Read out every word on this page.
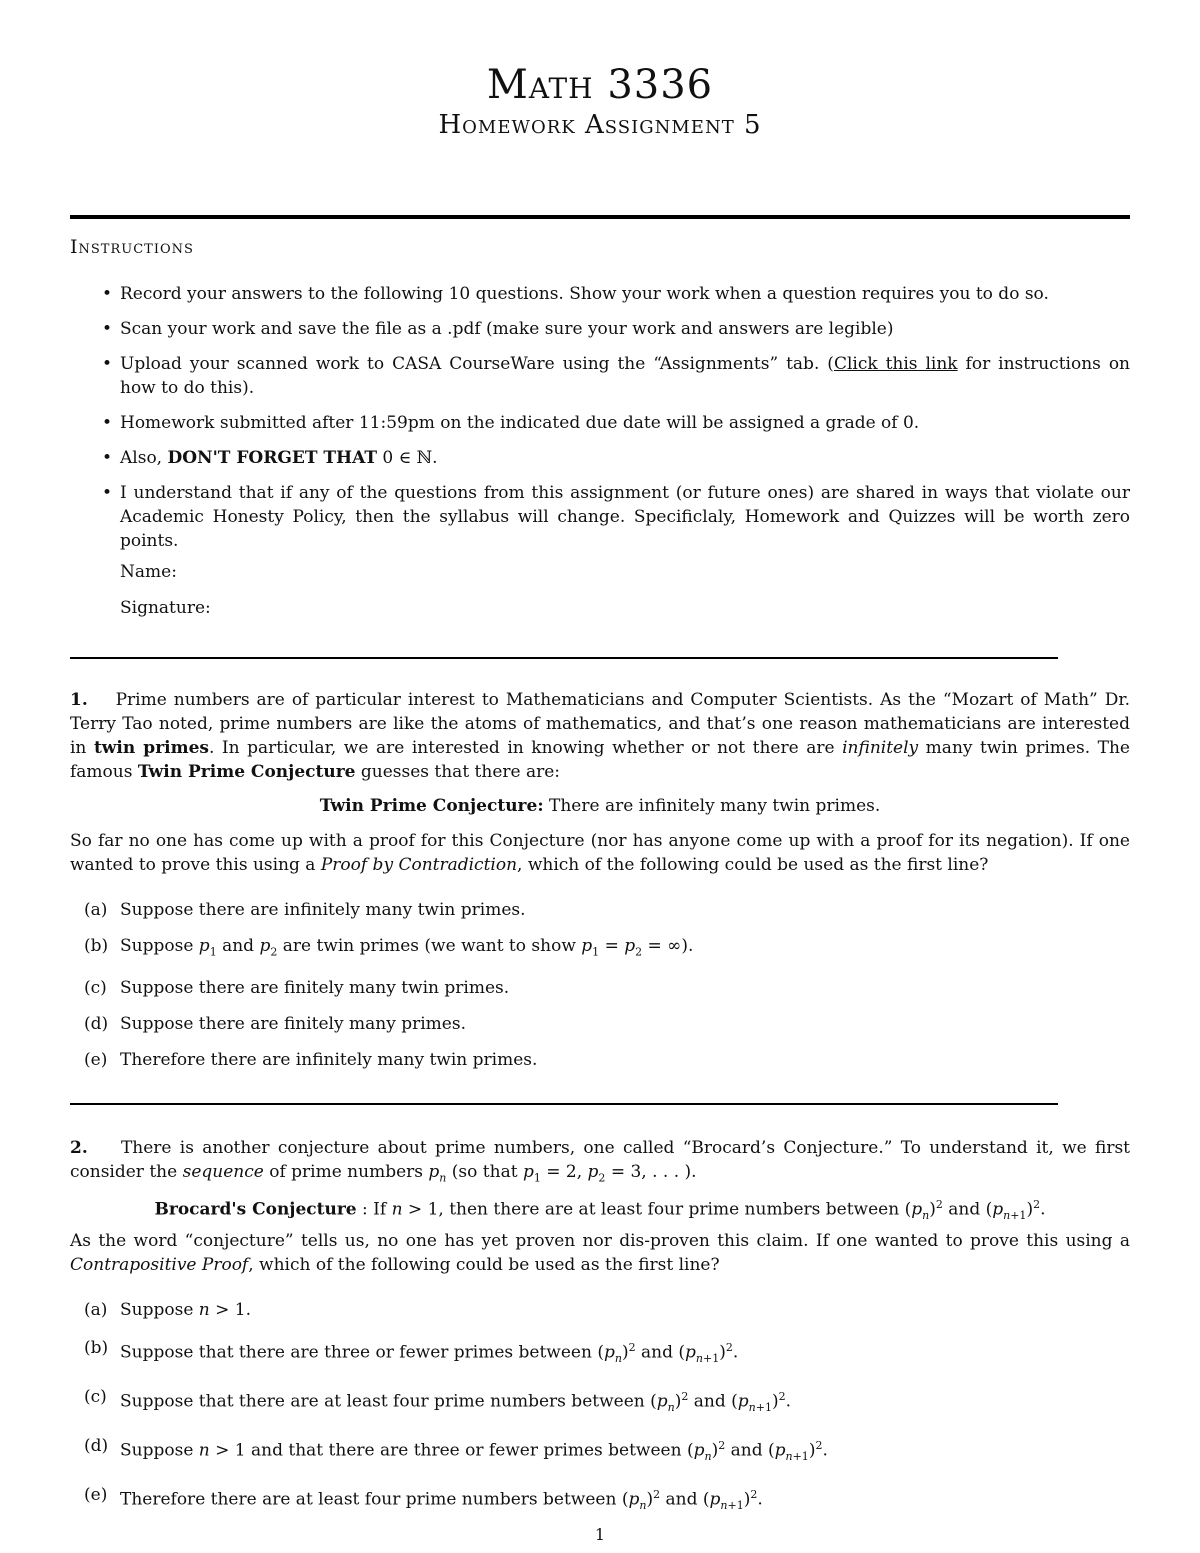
Math 3336
Homework Assignment 5
Instructions
• Record your answers to the following 10 questions. Show your work when a question requires you to do so.
• Scan your work and save the file as a .pdf (make sure your work and answers are legible)
• Upload your scanned work to CASA CourseWare using the “Assignments” tab. (Click this link for instructions on how to do this).
• Homework submitted after 11:59pm on the indicated due date will be assigned a grade of 0.
• Also, DON'T FORGET THAT 0 ∈ ℕ.
• I understand that if any of the questions from this assignment (or future ones) are shared in ways that violate our Academic Honesty Policy, then the syllabus will change. Specificlaly, Homework and Quizzes will be worth zero points.
Name:
Signature:
1. Prime numbers are of particular interest to Mathematicians and Computer Scientists. As the “Mozart of Math” Dr. Terry Tao noted, prime numbers are like the atoms of mathematics, and that’s one reason mathematicians are interested in twin primes. In particular, we are interested in knowing whether or not there are infinitely many twin primes. The famous Twin Prime Conjecture guesses that there are:
Twin Prime Conjecture: There are infinitely many twin primes.
So far no one has come up with a proof for this Conjecture (nor has anyone come up with a proof for its negation). If one wanted to prove this using a Proof by Contradiction, which of the following could be used as the first line?
(a) Suppose there are infinitely many twin primes.
(b) Suppose $p_1$ and $p_2$ are twin primes (we want to show $p_1 = p_2$ = ∞).
(c) Suppose there are finitely many twin primes.
(d) Suppose there are finitely many primes.
(e) Therefore there are infinitely many twin primes.
2. There is another conjecture about prime numbers, one called “Brocard’s Conjecture.” To understand it, we first consider the sequence of prime numbers $p_n$ (so that $p_1 = 2$, $p_2 = 3$, . . . ).
Brocard's Conjecture : If n > 1, then there are at least four prime numbers between $(p_n)^2$ and $(p_{n+1})^2$.
As the word “conjecture” tells us, no one has yet proven nor dis-proven this claim. If one wanted to prove this using a Contrapositive Proof, which of the following could be used as the first line?
(a) Suppose n > 1.
(b) Suppose that there are three or fewer primes between $(p_n)^2$ and $(p_{n+1})^2$.
(c) Suppose that there are at least four prime numbers between $(p_n)^2$ and $(p_{n+1})^2$.
(d) Suppose n > 1 and that there are three or fewer primes between $(p_n)^2$ and $(p_{n+1})^2$.
(e) Therefore there are at least four prime numbers between $(p_n)^2$ and $(p_{n+1})^2$.
1
